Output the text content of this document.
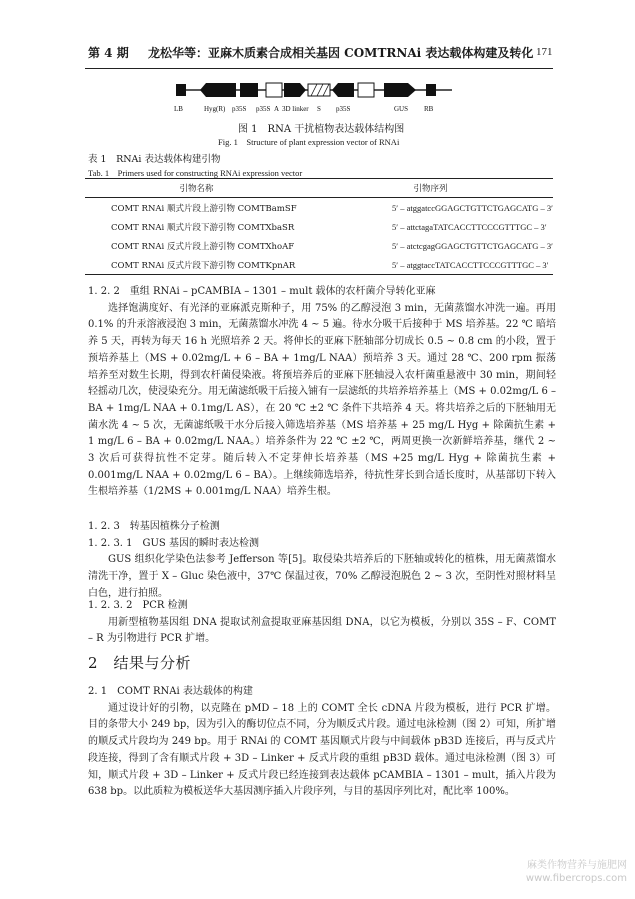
第 4 期 龙松华等：亚麻木质素合成相关基因 COMTRNAi 表达载体构建及转化 171
LB	Hyg(R) p35S p35S A 3D linker S p35S	GUS RB
图 1　RNA 干扰植物表达载体结构图
Fig. 1　Structure of plant expression vector of RNAi
表 1　RNAi 表达载体构建引物
Tab. 1　Primers used for constructing RNAi expression vector
引物名称	引物序列
COMT RNAi 顺式片段上游引物 COMTBamSF	5′ – atggatccGGAGCTGTTCTGAGCATG – 3′
COMT RNAi 顺式片段下游引物 COMTXbaSR	5′ – attctagaTATCACCTTCCCGTTTGC – 3′
COMT RNAi 反式片段上游引物 COMTXhoAF	5′ – atctcgagGGAGCTGTTCTGAGCATG – 3′
COMT RNAi 反式片段下游引物 COMTKpnAR	5′ – atggtaccTATCACCTTCCCGTTTGC – 3′
1. 2. 2　重组 RNAi – pCAMBIA – 1301 – mult 载体的农杆菌介导转化亚麻

选择饱满度好、有光泽的亚麻派克斯种子，用 75% 的乙醇浸泡 3 min，无菌蒸馏水冲洗一遍。再用 0.1% 的升汞溶液浸泡 3 min，无菌蒸馏水冲洗 4 ~ 5 遍。待水分吸干后接种于 MS 培养基。22 ℃ 暗培养 5 天，再转为每天 16 h 光照培养 2 天。将伸长的亚麻下胚轴部分切成长 0.5 ~ 0.8 cm 的小段，置于预培养基上（MS + 0.02mg/L + 6 – BA + 1mg/L NAA）预培养 3 天。通过 28 ℃、200 rpm 振荡培养至对数生长期，得到农杆菌侵染液。将预培养后的亚麻下胚轴浸入农杆菌重悬液中 30 min，期间轻轻摇动几次，使浸染充分。用无菌滤纸吸干后接入铺有一层滤纸的共培养培养基上（MS + 0.02mg/L 6 – BA + 1mg/L NAA + 0.1mg/L AS），在 20 ℃ ±2 ℃ 条件下共培养 4 天。将共培养之后的下胚轴用无菌水洗 4 ~ 5 次，无菌滤纸吸干水分后接入筛选培养基（MS 培养基 + 25 mg/L Hyg + 除菌抗生素 + 1 mg/L 6 – BA + 0.02mg/L NAA。）培养条件为 22 ℃ ±2 ℃，两周更换一次新鲜培养基，继代 2 ~ 3 次后可获得抗性不定芽。随后转入不定芽伸长培养基（MS +25 mg/L Hyg + 除菌抗生素 + 0.001mg/L NAA + 0.02mg/L 6 – BA）。上继续筛选培养，待抗性芽长到合适长度时，从基部切下转入生根培养基（1/2MS + 0.001mg/L NAA）培养生根。

1. 2. 3　转基因植株分子检测
1. 2. 3. 1　GUS 基因的瞬时表达检测

GUS 组织化学染色法参考 Jefferson 等[5]。取侵染共培养后的下胚轴或转化的植株，用无菌蒸馏水清洗干净，置于 X – Gluc 染色液中，37℃ 保温过夜，70% 乙醇浸泡脱色 2 ~ 3 次，至阴性对照材料呈白色，进行拍照。

1. 2. 3. 2　PCR 检测

用新型植物基因组 DNA 提取试剂盒提取亚麻基因组 DNA，以它为模板，分别以 35S – F、COMT – R 为引物进行 PCR 扩增。

2　结果与分析
2. 1　COMT RNAi 表达载体的构建

通过设计好的引物，以克隆在 pMD – 18 上的 COMT 全长 cDNA 片段为模板，进行 PCR 扩增。目的条带大小 249 bp，因为引入的酶切位点不同，分为顺反式片段。通过电泳检测（图 2）可知，所扩增的顺反式片段均为 249 bp。用于 RNAi 的 COMT 基因顺式片段与中间载体 pB3D 连接后，再与反式片段连接，得到了含有顺式片段 + 3D – Linker + 反式片段的重组 pB3D 载体。通过电泳检测（图 3）可知，顺式片段 + 3D – Linker + 反式片段已经连接到表达载体 pCAMBIA – 1301 – mult，插入片段为 638 bp。以此质粒为模板送华大基因测序插入片段序列，与目的基因序列比对，配比率 100%。

麻类作物营养与施肥网
www.fibercrops.com
